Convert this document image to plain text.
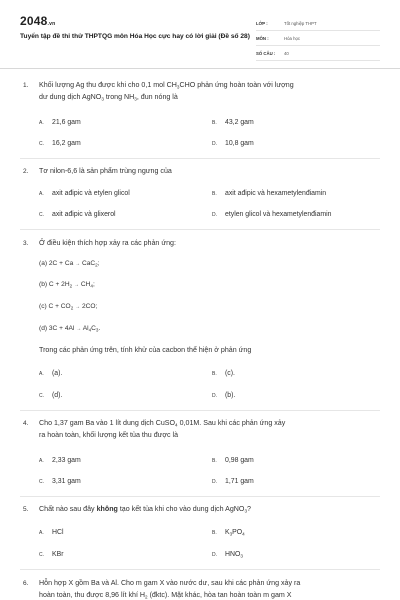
2048.vn
Tuyển tập đề thi thử THPTQG môn Hóa Học cực hay có lời giải (Đề số 28)
LỚP :	Tốt nghiệp THPT
MÔN :	Hóa học
SỐ CÂU :	40
1. Khối lượng Ag thu được khi cho 0,1 mol $CH_3CHO$ phản ứng hoàn toàn với lượng
dư dung dịch AgNO$_3$ trong $NH_3$, đun nóng là
A. 21,6 gam	B. 43,2 gam
C. 16,2 gam	D. 10,8 gam
2. Tơ nilon-6,6 là sản phẩm trùng ngưng của
A. axit ađipic và etylen glicol	B. axit ađipic và hexametylenđiamin
C. axit ađipic và glixerol	D. etylen glicol và hexametylenđiamin
3. Ở điều kiện thích hợp xảy ra các phản ứng:
(a) 2C + Ca → CaC$_2$;
(b) $C + 2H_2 \to CH_4$;
(c) $C + CO_2 \to 2CO$;
(d) $3C + 4Al \to Al_4C_3$.
Trong các phản ứng trên, tính khử của cacbon thể hiện ở phản ứng
A. (a).	B. (c).
C. (d).	D. (b).
4. Cho 1,37 gam Ba vào 1 lít dung dịch CuSO$_4$ 0,01M. Sau khi các phản ứng xảy
ra hoàn toàn, khối lượng kết tủa thu được là
A. 2,33 gam	B. 0,98 gam
C. 3,31 gam	D. 1,71 gam
5. Chất nào sau đây không tạo kết tủa khi cho vào dung dịch AgNO$_3$?
A. HCl	B. $K_3PO_4$
C. KBr	D. $HNO_3$
6. Hỗn hợp X gồm Ba và Al. Cho m gam X vào nước dư, sau khi các phản ứng xảy ra
hoàn toàn, thu được 8,96 lít khí $H_2$ (đktc). Mặt khác, hòa tan hoàn toàn m gam X
